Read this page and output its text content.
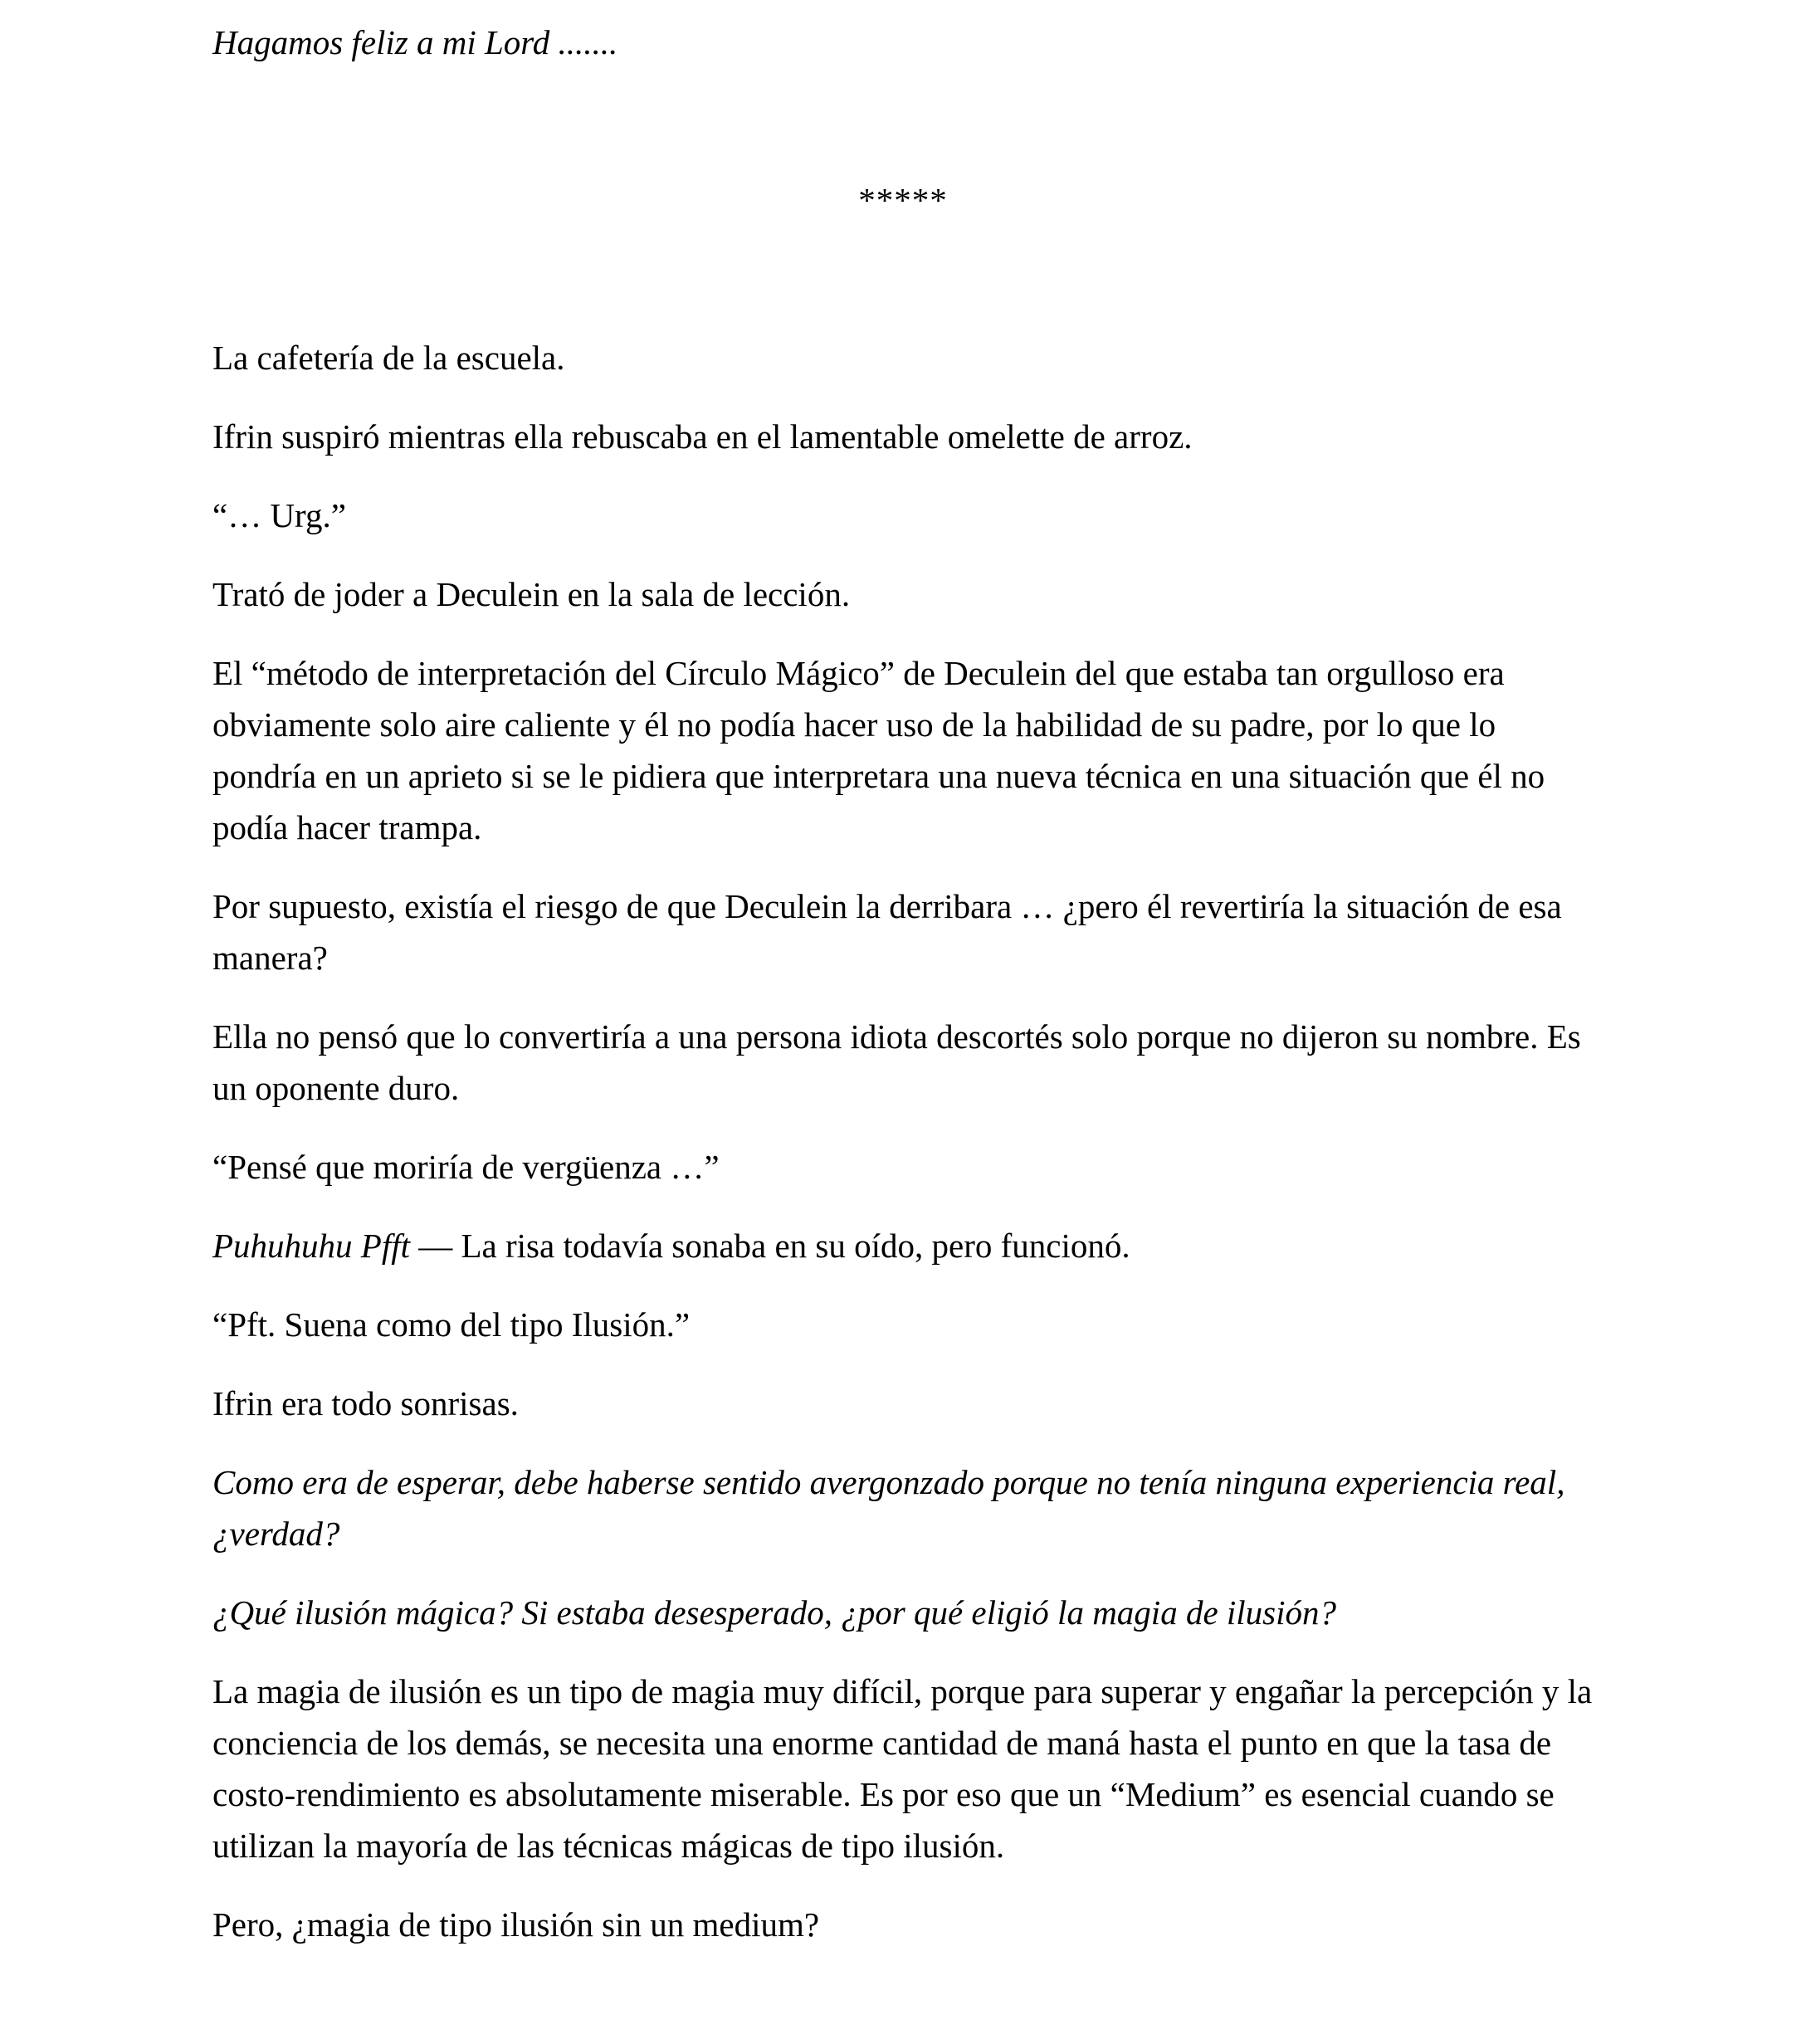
Hagamos feliz a mi Lord .......

*****

La cafetería de la escuela.

Ifrin suspiró mientras ella rebuscaba en el lamentable omelette de arroz.

“… Urg.”

Trató de joder a Deculein en la sala de lección.

El “método de interpretación del Círculo Mágico” de Deculein del que estaba tan orgulloso era obviamente solo aire caliente y él no podía hacer uso de la habilidad de su padre, por lo que lo pondría en un aprieto si se le pidiera que interpretara una nueva técnica en una situación que él no podía hacer trampa.

Por supuesto, existía el riesgo de que Deculein la derribara … ¿pero él revertiría la situación de esa manera?

Ella no pensó que lo convertiría a una persona idiota descortés solo porque no dijeron su nombre. Es un oponente duro.

“Pensé que moriría de vergüenza …”

Puhuhuhu Pfft — La risa todavía sonaba en su oído, pero funcionó.

“Pft. Suena como del tipo Ilusión.”

Ifrin era todo sonrisas.

Como era de esperar, debe haberse sentido avergonzado porque no tenía ninguna experiencia real, ¿verdad?

¿Qué ilusión mágica? Si estaba desesperado, ¿por qué eligió la magia de ilusión?

La magia de ilusión es un tipo de magia muy difícil, porque para superar y engañar la percepción y la conciencia de los demás, se necesita una enorme cantidad de maná hasta el punto en que la tasa de costo-rendimiento es absolutamente miserable. Es por eso que un “Medium” es esencial cuando se utilizan la mayoría de las técnicas mágicas de tipo ilusión.

Pero, ¿magia de tipo ilusión sin un medium?
